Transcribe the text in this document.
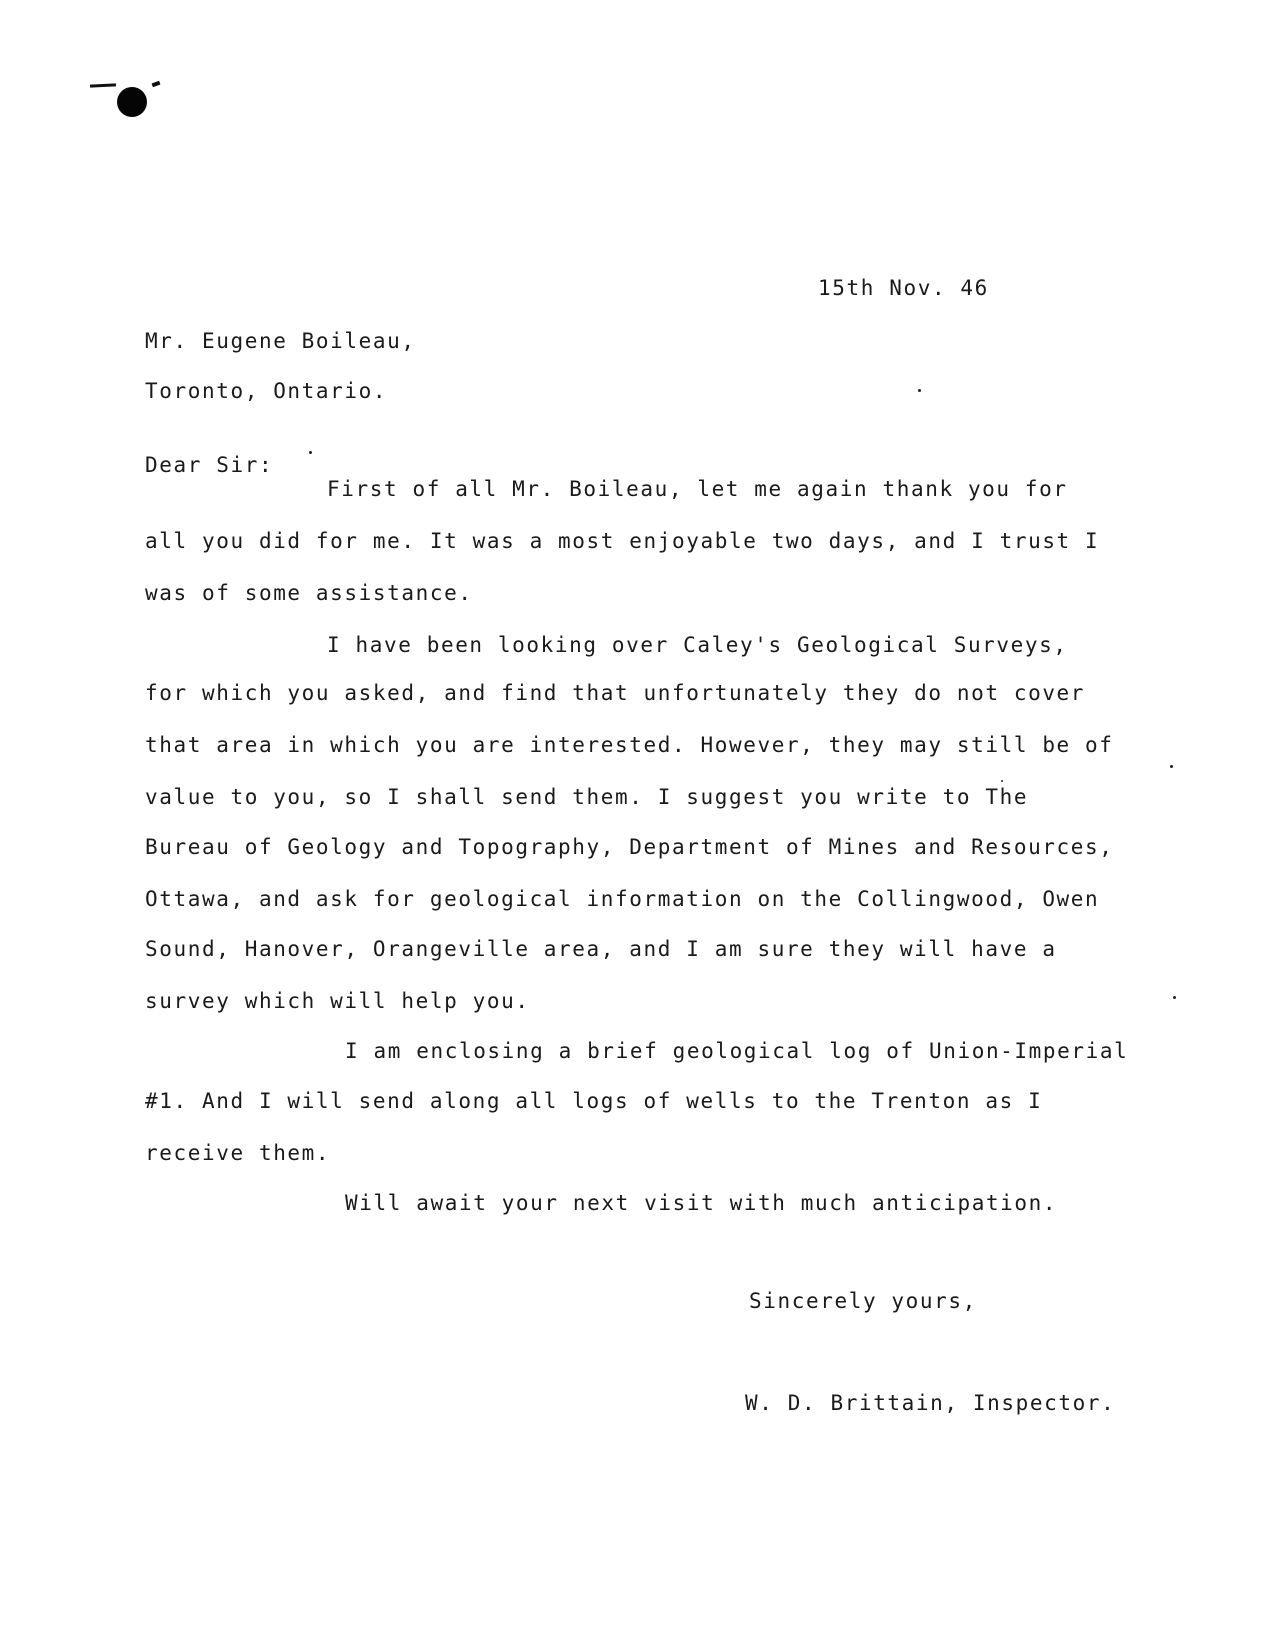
15th Nov. 46
Mr. Eugene Boileau,
Toronto, Ontario.
Dear Sir:
First of all Mr. Boileau, let me again thank you for
all you did for me. It was a most enjoyable two days, and I trust I
was of some assistance.
I have been looking over Caley's Geological Surveys,
for which you asked, and find that unfortunately they do not cover
that area in which you are interested. However, they may still be of
value to you, so I shall send them. I suggest you write to The
Bureau of Geology and Topography, Department of Mines and Resources,
Ottawa, and ask for geological information on the Collingwood, Owen
Sound, Hanover, Orangeville area, and I am sure they will have a
survey which will help you.
I am enclosing a brief geological log of Union-Imperial
#1. And I will send along all logs of wells to the Trenton as I
receive them.
Will await your next visit with much anticipation.
Sincerely yours,
W. D. Brittain, Inspector.
